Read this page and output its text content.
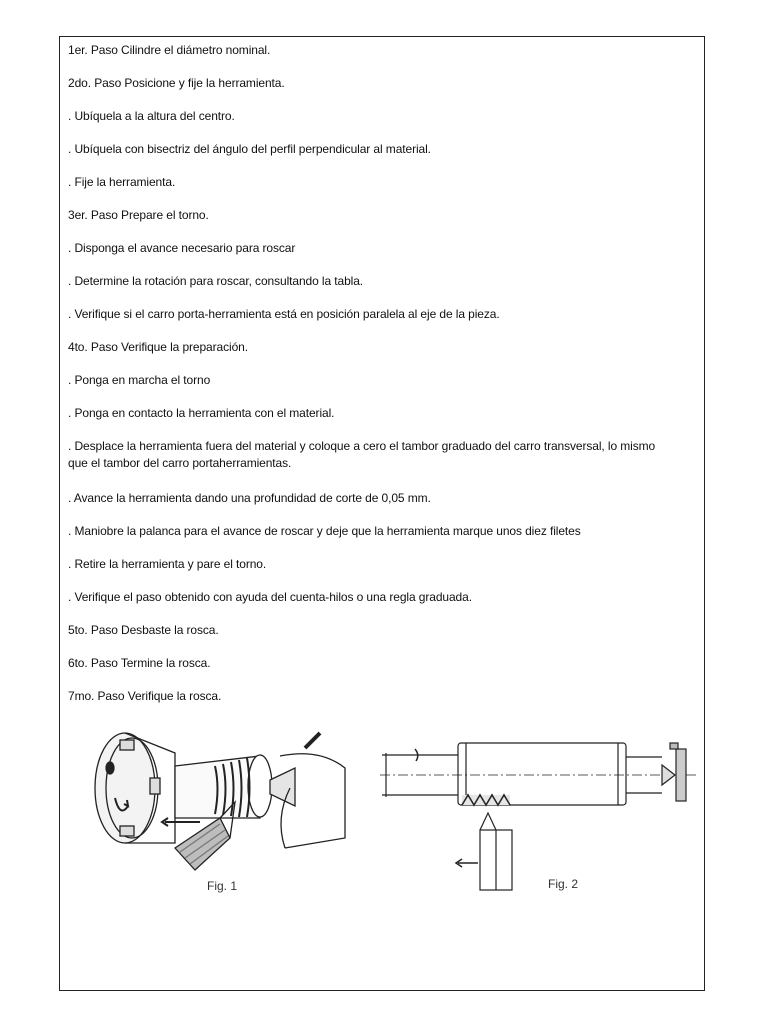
1er. Paso Cilindre el diámetro nominal.
2do. Paso Posicione y fije la herramienta.
. Ubíquela a la altura del centro.
. Ubíquela con bisectriz del ángulo del perfil perpendicular al material.
. Fije la herramienta.
3er. Paso Prepare el torno.
. Disponga el avance necesario para roscar
. Determine la rotación para roscar, consultando la tabla.
. Verifique si el carro porta-herramienta está en posición paralela al eje de la pieza.
4to. Paso Verifique la preparación.
. Ponga en marcha el torno
. Ponga en contacto la herramienta con el material.
. Desplace la herramienta fuera del material y coloque a cero el tambor graduado del carro transversal, lo mismo que el tambor del carro portaherramientas.
. Avance la herramienta dando una profundidad de corte de 0,05 mm.
. Maniobre la palanca para el avance de roscar y deje que la herramienta marque unos diez filetes
. Retire la herramienta y pare el torno.
. Verifique el paso obtenido con ayuda del cuenta-hilos o una regla graduada.
5to. Paso Desbaste la rosca.
6to. Paso Termine la rosca.
7mo. Paso Verifique la rosca.
Fig. 1	Fig. 2
